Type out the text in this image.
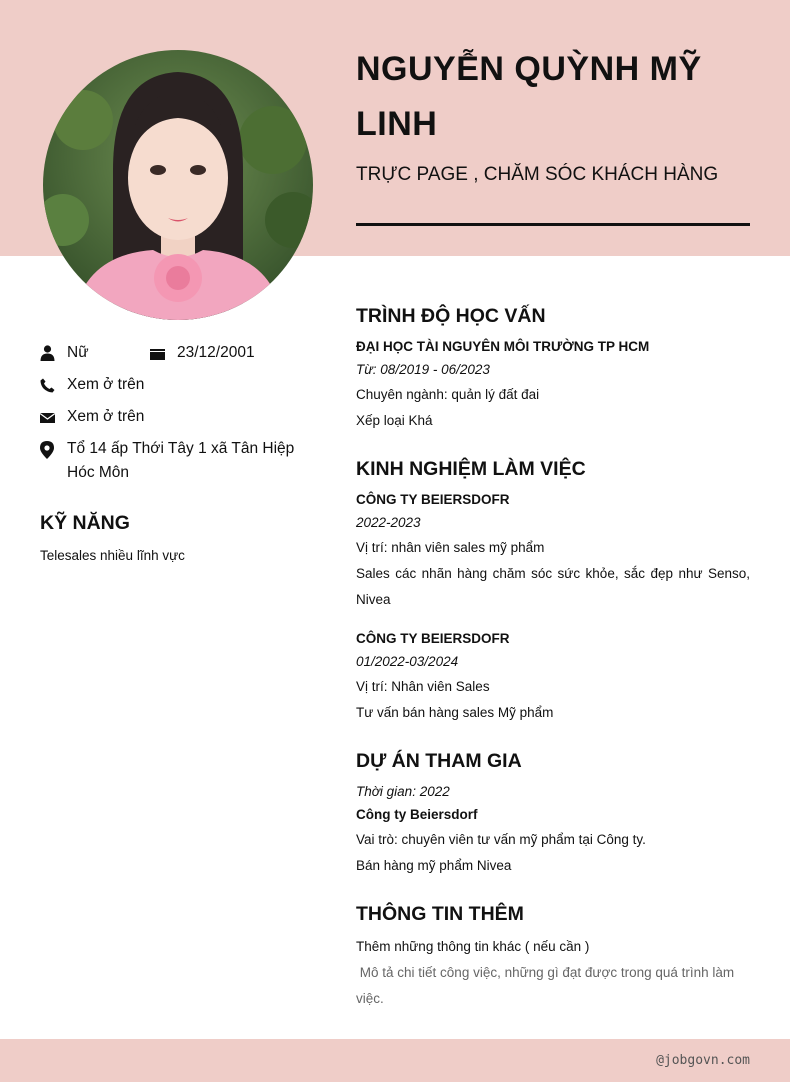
NGUYỄN QUỲNH MỸ LINH
TRỰC PAGE , CHĂM SÓC KHÁCH HÀNG
Nữ	23/12/2001
Xem ở trên
Xem ở trên
Tổ 14 ấp Thới Tây 1 xã Tân Hiệp Hóc Môn
KỸ NĂNG
Telesales nhiều lĩnh vực
TRÌNH ĐỘ HỌC VẤN
ĐẠI HỌC TÀI NGUYÊN MÔI TRƯỜNG TP HCM
Từ: 08/2019 - 06/2023
Chuyên ngành: quản lý đất đai
Xếp loại Khá
KINH NGHIỆM LÀM VIỆC
CÔNG TY BEIERSDOFR
2022-2023
Vị trí: nhân viên sales mỹ phẩm
Sales các nhãn hàng chăm sóc sức khỏe, sắc đẹp như Senso, Nivea
CÔNG TY BEIERSDOFR
01/2022-03/2024
Vị trí: Nhân viên Sales
Tư vấn bán hàng sales Mỹ phẩm
DỰ ÁN THAM GIA
Thời gian: 2022
Công ty Beiersdorf
Vai trò: chuyên viên tư vấn mỹ phẩm tại Công ty.
Bán hàng mỹ phẩm Nivea
THÔNG TIN THÊM
Thêm những thông tin khác ( nếu cần )
Mô tả chi tiết công việc, những gì đạt được trong quá trình làm việc.
@jobgovn.com
